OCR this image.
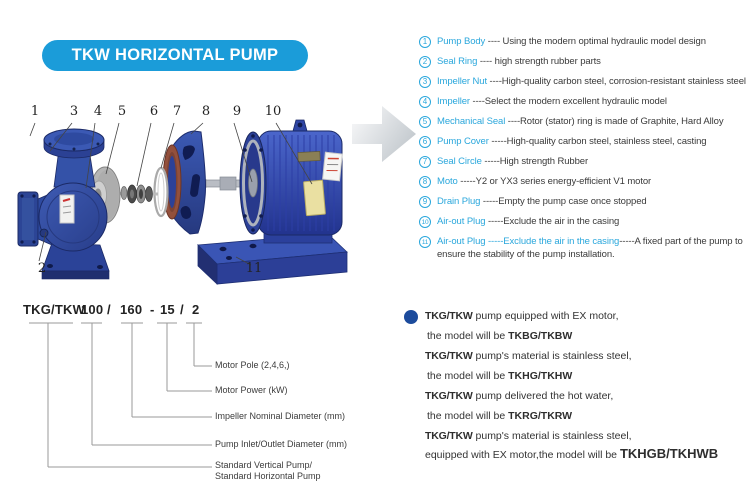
TKW HORIZONTAL PUMP
1
2
3	4	5	6	7	8	9	10
11
1	Pump Body ---- Using the modern optimal hydraulic model design
2	Seal Ring ---- high strength rubber parts
3	Impeller Nut ----High-quality carbon steel, corrosion-resistant stainless steel
4	Impeller ----Select the modern excellent hydraulic model
5	Mechanical Seal ----Rotor (stator) ring is made of Graphite, Hard Alloy
6	Pump Cover -----High-quality carbon steel, stainless steel, casting
7	Seal Circle -----High strength Rubber
8	Moto -----Y2 or YX3 series energy-efficient V1 motor
9	Drain Plug -----Empty the pump case once stopped
10 Air-out Plug -----Exclude the air in the casing
11 Air-out Plug -----Exclude the air in the casing-----A fixed part of the pump to ensure the stability of the pump installation.
TKG/TKW
100 / 160 - 15 / 2
Motor Pole (2,4,6,)
Motor Power (kW)
Impeller Nominal Diameter (mm)
Pump Inlet/Outlet Diameter (mm)
Standard Vertical Pump/
Standard Horizontal Pump
TKG/TKW pump equipped with EX motor,
the model will be TKBG/TKBW
TKG/TKW pump's material is stainless steel,
the model will be TKHG/TKHW
TKG/TKW pump delivered the hot water,
the model will be TKRG/TKRW
TKG/TKW pump's material is stainless steel,
equipped with EX motor,the model will be TKHGB/TKHWB
